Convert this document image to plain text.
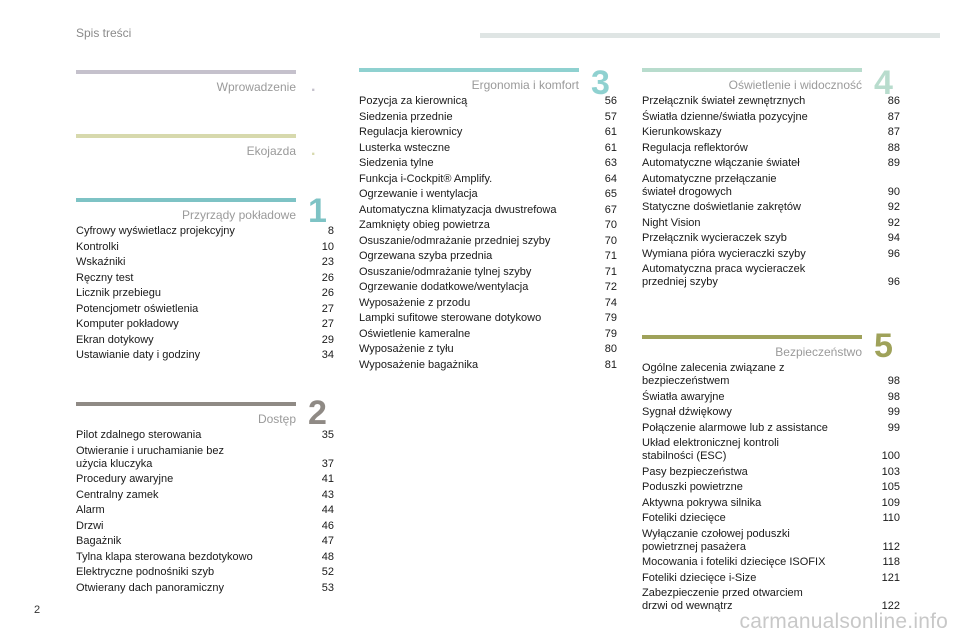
Spis treści
Wprowadzenie .
Ekojazda .
Przyrządy pokładowe 1
Cyfrowy wyświetlacz projekcyjny	8
Kontrolki	10
Wskaźniki	23
Ręczny test	26
Licznik przebiegu	26
Potencjometr oświetlenia	27
Komputer pokładowy	27
Ekran dotykowy	29
Ustawianie daty i godziny	34
Dostęp 2
Pilot zdalnego sterowania	35
Otwieranie i uruchamianie bez
użycia kluczyka	37
Procedury awaryjne	41
Centralny zamek	43
Alarm	44
Drzwi	46
Bagażnik	47
Tylna klapa sterowana bezdotykowo	48
Elektryczne podnośniki szyb	52
Otwierany dach panoramiczny	53
Ergonomia i komfort 3
Pozycja za kierownicą	56
Siedzenia przednie	57
Regulacja kierownicy	61
Lusterka wsteczne	61
Siedzenia tylne	63
Funkcja i-Cockpit® Amplify.	64
Ogrzewanie i wentylacja	65
Automatyczna klimatyzacja dwustrefowa	67
Zamknięty obieg powietrza	70
Osuszanie/odmrażanie przedniej szyby	70
Ogrzewana szyba przednia	71
Osuszanie/odmrażanie tylnej szyby	71
Ogrzewanie dodatkowe/wentylacja	72
Wyposażenie z przodu	74
Lampki sufitowe sterowane dotykowo	79
Oświetlenie kameralne	79
Wyposażenie z tyłu	80
Wyposażenie bagażnika	81
Oświetlenie i widoczność 4
Przełącznik świateł zewnętrznych	86
Światła dzienne/światła pozycyjne	87
Kierunkowskazy	87
Regulacja reflektorów	88
Automatyczne włączanie świateł	89
Automatyczne przełączanie
świateł drogowych	90
Statyczne doświetlanie zakrętów	92
Night Vision	92
Przełącznik wycieraczek szyb	94
Wymiana pióra wycieraczki szyby	96
Automatyczna praca wycieraczek
przedniej szyby	96
Bezpieczeństwo 5
Ogólne zalecenia związane z
bezpieczeństwem	98
Światła awaryjne	98
Sygnał dźwiękowy	99
Połączenie alarmowe lub z assistance	99
Układ elektronicznej kontroli
stabilności (ESC)	100
Pasy bezpieczeństwa	103
Poduszki powietrzne	105
Aktywna pokrywa silnika	109
Foteliki dziecięce	110
Wyłączanie czołowej poduszki
powietrznej pasażera	112
Mocowania i foteliki dziecięce ISOFIX	118
Foteliki dziecięce i-Size	121
Zabezpieczenie przed otwarciem
drzwi od wewnątrz	122
2	carmanualsonline.info
